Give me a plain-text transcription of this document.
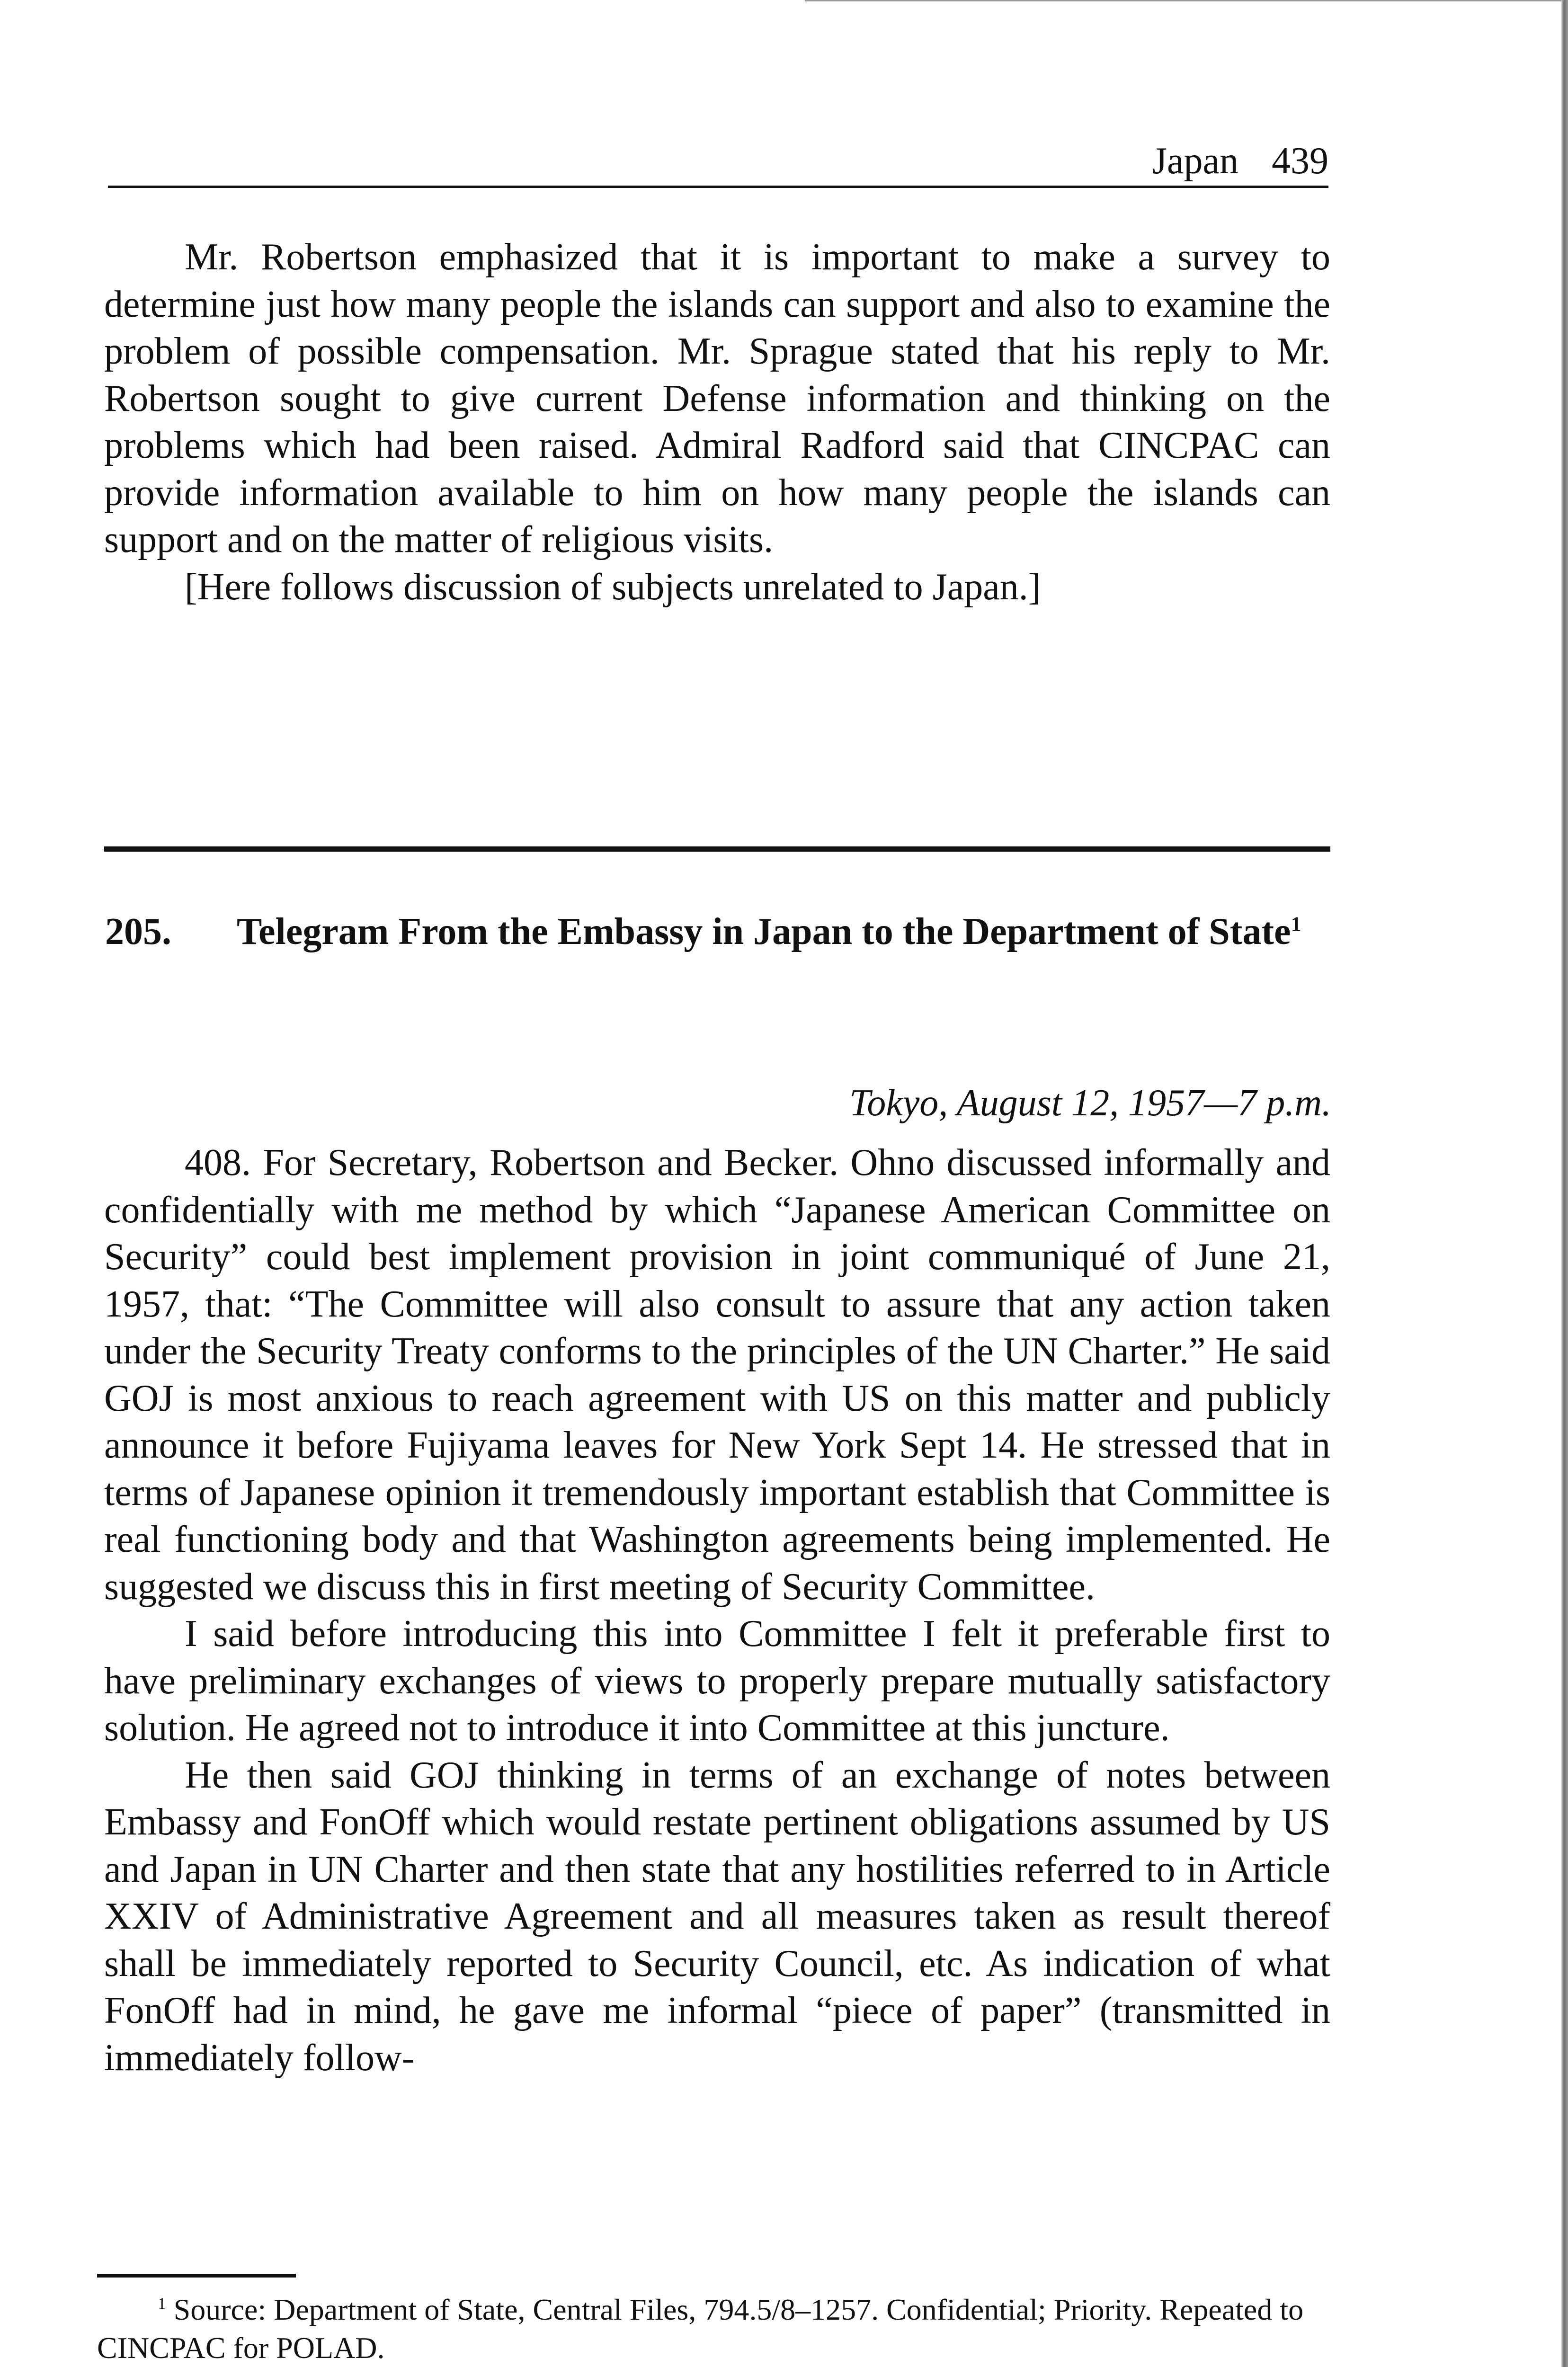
Japan 439

Mr. Robertson emphasized that it is important to make a survey to determine just how many people the islands can support and also to examine the problem of possible compensation. Mr. Sprague stated that his reply to Mr. Robertson sought to give current Defense information and thinking on the problems which had been raised. Admiral Radford said that CINCPAC can provide information available to him on how many people the islands can support and on the matter of religious visits.

[Here follows discussion of subjects unrelated to Japan.]

205. Telegram From the Embassy in Japan to the Department of State$^1$
Tokyo, August 12, 1957—7 p.m.

408. For Secretary, Robertson and Becker. Ohno discussed informally and confidentially with me method by which “Japanese American Committee on Security” could best implement provision in joint communiqué of June 21, 1957, that: “The Committee will also consult to assure that any action taken under the Security Treaty conforms to the principles of the UN Charter.” He said GOJ is most anxious to reach agreement with US on this matter and publicly announce it before Fujiyama leaves for New York Sept 14. He stressed that in terms of Japanese opinion it tremendously important establish that Committee is real functioning body and that Washington agreements being implemented. He suggested we discuss this in first meeting of Security Committee.

I said before introducing this into Committee I felt it preferable first to have preliminary exchanges of views to properly prepare mutually satisfactory solution. He agreed not to introduce it into Committee at this juncture.

He then said GOJ thinking in terms of an exchange of notes between Embassy and FonOff which would restate pertinent obligations assumed by US and Japan in UN Charter and then state that any hostilities referred to in Article XXIV of Administrative Agreement and all measures taken as result thereof shall be immediately reported to Security Council, etc. As indication of what FonOff had in mind, he gave me informal “piece of paper” (transmitted in immediately follow-

$^1$ Source: Department of State, Central Files, 794.5/8–1257. Confidential; Priority. Repeated to CINCPAC for POLAD.
